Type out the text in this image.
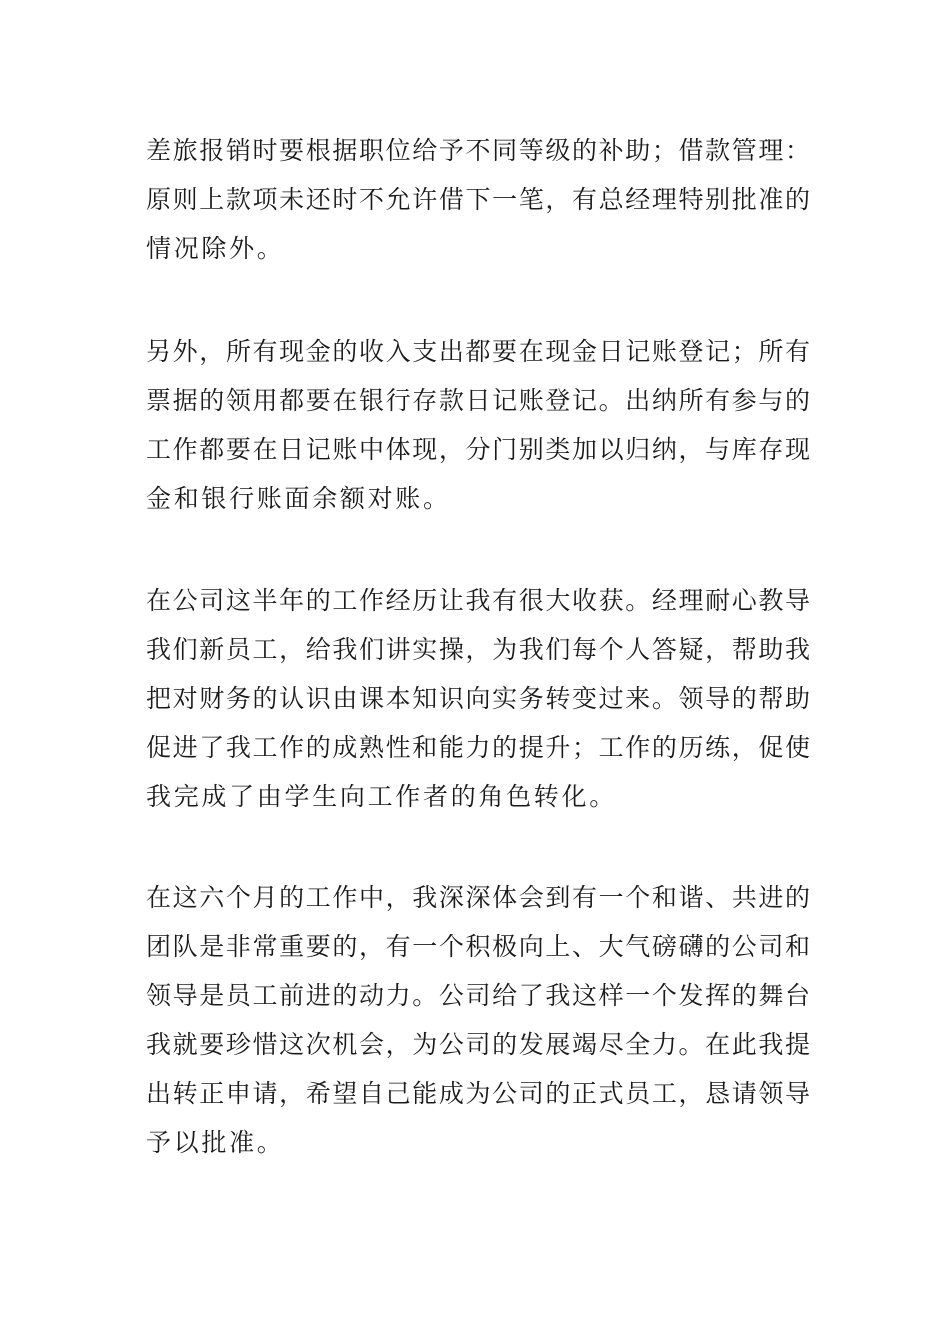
差旅报销时要根据职位给予不同等级的补助；借款管理：
原则上款项未还时不允许借下一笔，有总经理特别批准的
情况除外。

另外，所有现金的收入支出都要在现金日记账登记；所有
票据的领用都要在银行存款日记账登记。出纳所有参与的
工作都要在日记账中体现，分门别类加以归纳，与库存现
金和银行账面余额对账。

在公司这半年的工作经历让我有很大收获。经理耐心教导
我们新员工，给我们讲实操，为我们每个人答疑，帮助我
把对财务的认识由课本知识向实务转变过来。领导的帮助
促进了我工作的成熟性和能力的提升；工作的历练，促使
我完成了由学生向工作者的角色转化。

在这六个月的工作中，我深深体会到有一个和谐、共进的
团队是非常重要的，有一个积极向上、大气磅礴的公司和
领导是员工前进的动力。公司给了我这样一个发挥的舞台
我就要珍惜这次机会，为公司的发展竭尽全力。在此我提
出转正申请，希望自己能成为公司的正式员工，恳请领导
予以批准。
